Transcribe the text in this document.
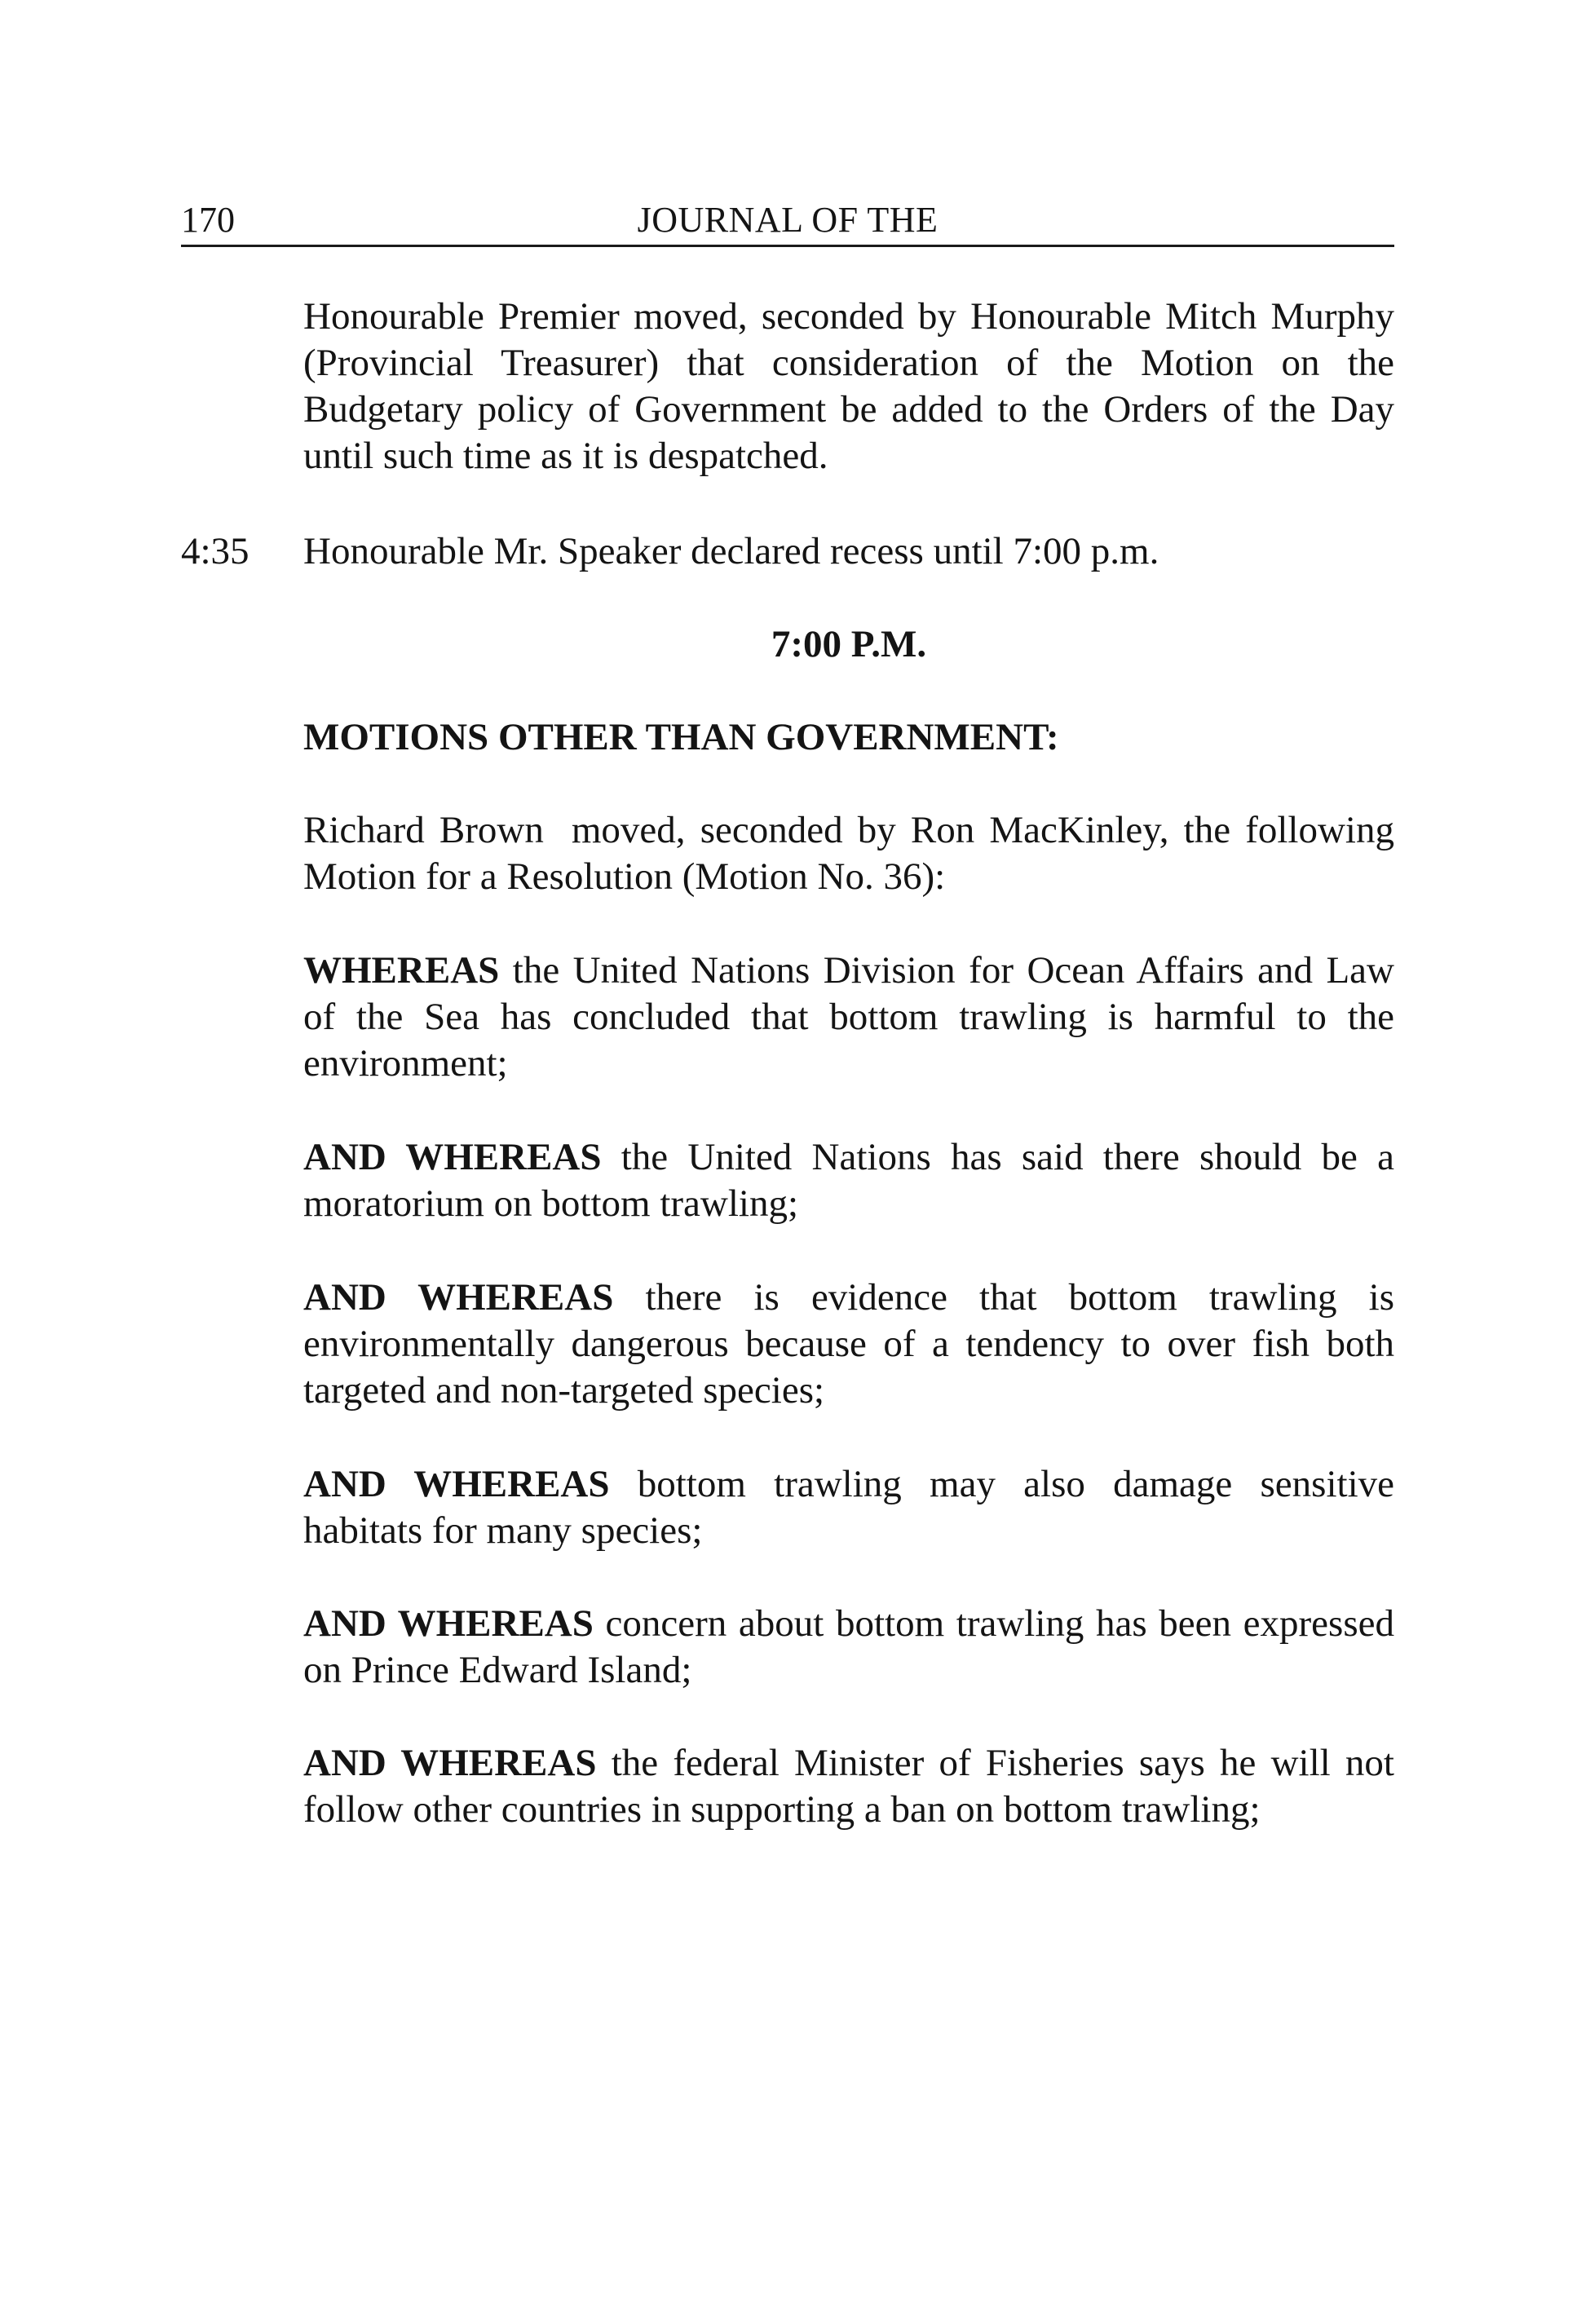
170	JOURNAL OF THE

Honourable Premier moved, seconded by Honourable Mitch Murphy (Provincial Treasurer) that consideration of the Motion on the Budgetary policy of Government be added to the Orders of the Day until such time as it is despatched.

4:35 Honourable Mr. Speaker declared recess until 7:00 p.m.

7:00 P.M.
MOTIONS OTHER THAN GOVERNMENT:

Richard Brown moved, seconded by Ron MacKinley, the following Motion for a Resolution (Motion No. 36):

WHEREAS the United Nations Division for Ocean Affairs and Law of the Sea has concluded that bottom trawling is harmful to the environment;

AND WHEREAS the United Nations has said there should be a moratorium on bottom trawling;

AND WHEREAS there is evidence that bottom trawling is environmentally dangerous because of a tendency to over fish both targeted and non-targeted species;

AND WHEREAS bottom trawling may also damage sensitive habitats for many species;

AND WHEREAS concern about bottom trawling has been expressed on Prince Edward Island;

AND WHEREAS the federal Minister of Fisheries says he will not follow other countries in supporting a ban on bottom trawling;
